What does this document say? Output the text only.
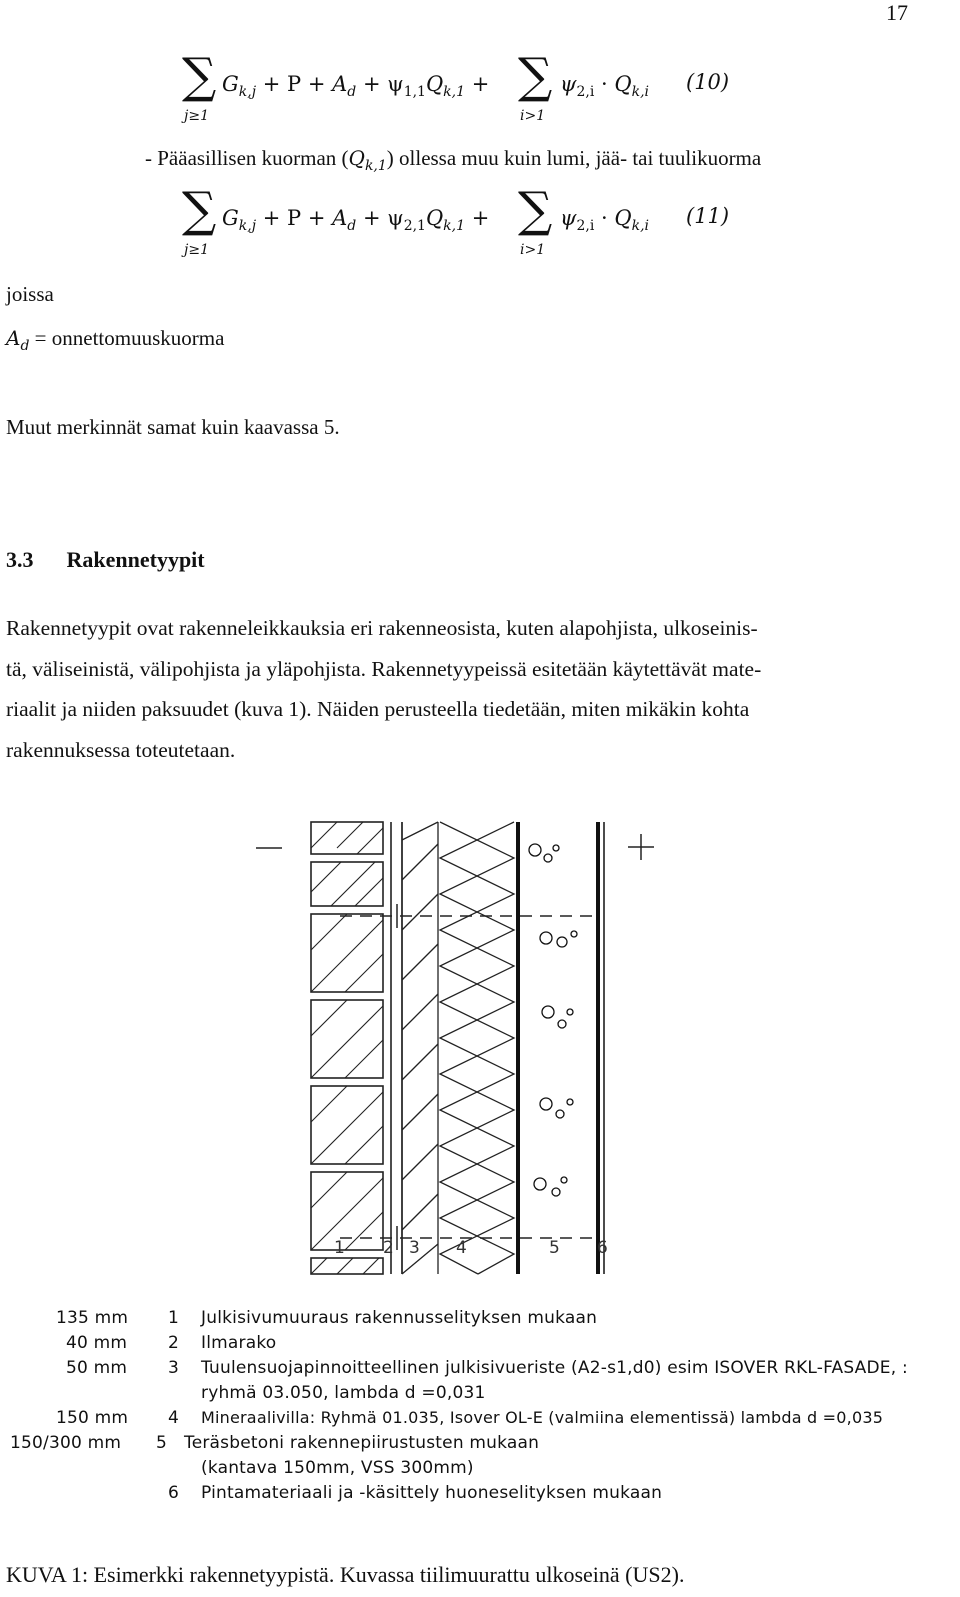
17
∑
j≥1
$G_{k,j} + P + A_d + \psi_{1,1}Q_{k,1}$ + ∑
i>1
$\psi_{2,i} \cdot Q_{k,i}$ (10)
- Pääasillisen kuorman $(Q_{k,1})$ ollessa muu kuin lumi, jää- tai tuulikuorma
∑
j≥1
$G_{k,j} + P + A_d + \psi_{2,1}Q_{k,1}$ + ∑
i>1
$\psi_{2,i} \cdot Q_{k,i}$ (11)
joissa
$A_d$ = onnettomuuskuorma
Muut merkinnät samat kuin kaavassa 5.
3.3 Rakennetyypit
Rakennetyypit ovat rakenneleikkauksia eri rakenneosista, kuten alapohjista, ulkoseinis-
tä, väliseinistä, välipohjista ja yläpohjista. Rakennetyypeissä esitetään käytettävät mate-
riaalit ja niiden paksuudet (kuva 1). Näiden perusteella tiedetään, miten mikäkin kohta
rakennuksessa toteutetaan.
1 2 3 4	5 6
135 mm 1 Julkisivumuuraus rakennusselityksen mukaan
40 mm 2 Ilmarako
50 mm 3 Tuulensuojapinnoitteellinen julkisivueriste (A2-s1,d0) esim ISOVER RKL-FASADE, :
ryhmä 03.050, lambda d =0,031
150 mm 4 Mineraalivilla: Ryhmä 01.035, Isover OL-E (valmiina elementissä) lambda d =0,035
150/300 mm 5 Teräsbetoni rakennepiirustusten mukaan
(kantava 150mm, VSS 300mm)
6 Pintamateriaali ja -käsittely huoneselityksen mukaan
KUVA 1: Esimerkki rakennetyypistä. Kuvassa tiilimuurattu ulkoseinä (US2).
